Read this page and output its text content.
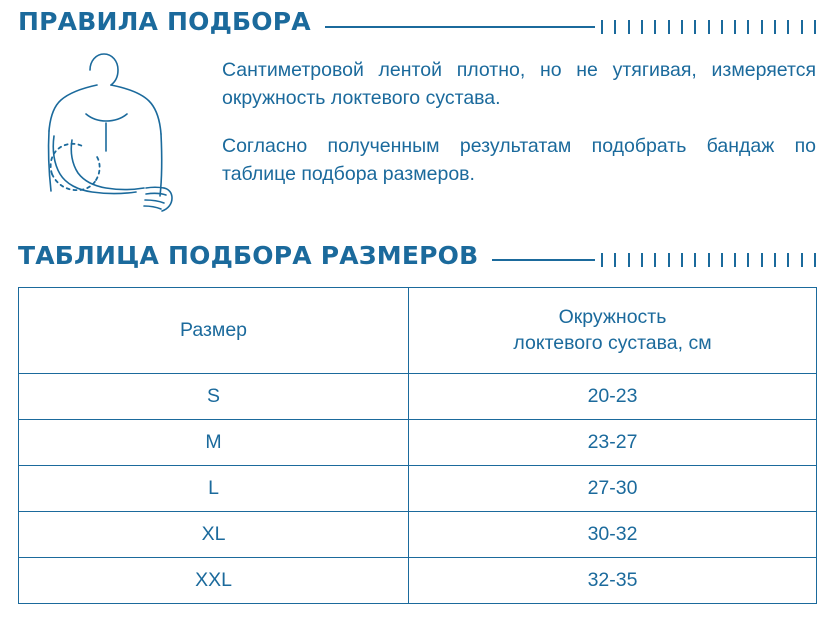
ПРАВИЛА ПОДБОРА

Сантиметровой лентой плотно, но не утягивая, измеряется окружность локтевого сустава.

Согласно полученным результатам подобрать бандаж по таблице подбора размеров.

ТАБЛИЦА ПОДБОРА РАЗМЕРОВ
Размер	Окружность
локтевого сустава, см

S	20-23
M	23-27
L	27-30
XL	30-32
XXL	32-35
